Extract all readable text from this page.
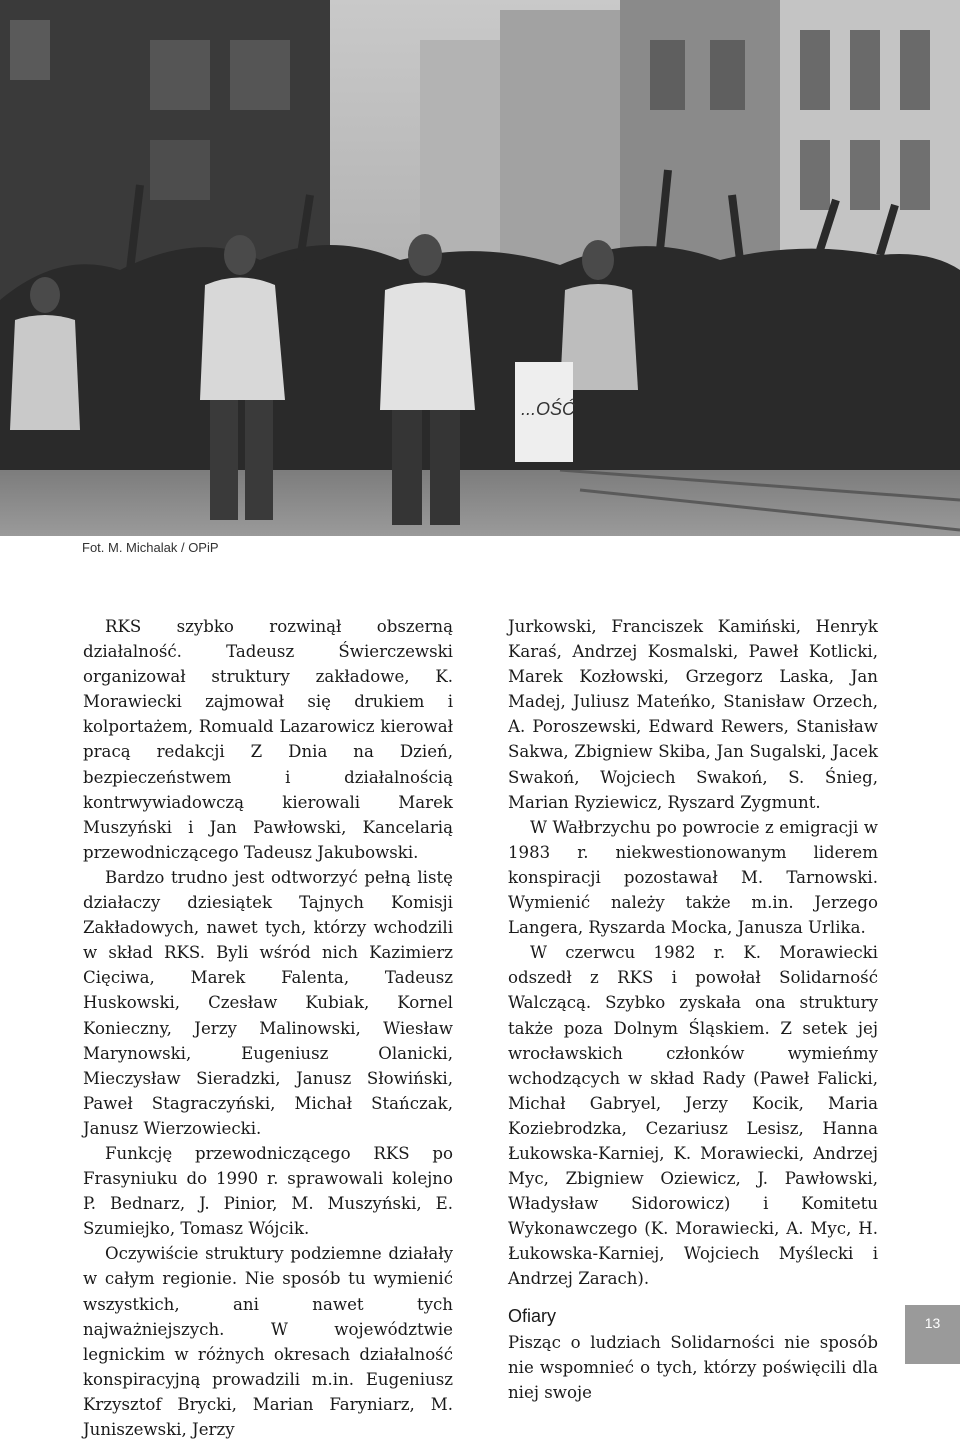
...OŚĆ
Fot. M. Michalak / OPiP

RKS szybko rozwinął obszerną działalność. Tadeusz Świerczewski organizował struktury zakładowe, K. Morawiecki zajmował się drukiem i kolportażem, Romuald Lazarowicz kierował pracą redakcji Z Dnia na Dzień, bezpieczeństwem i działalnością kontrwywiadowczą kierowali Marek Muszyński i Jan Pawłowski, Kancelarią przewodniczącego Tadeusz Jakubowski.

Bardzo trudno jest odtworzyć pełną listę działaczy dziesiątek Tajnych Komisji Zakładowych, nawet tych, którzy wchodzili w skład RKS. Byli wśród nich Kazimierz Cięciwa, Marek Falenta, Tadeusz Huskowski, Czesław Kubiak, Kornel Konieczny, Jerzy Malinowski, Wiesław Marynowski, Eugeniusz Olanicki, Mieczysław Sieradzki, Janusz Słowiński, Paweł Stagraczyński, Michał Stańczak, Janusz Wierzowiecki.

Funkcję przewodniczącego RKS po Frasyniuku do 1990 r. sprawowali kolejno P. Bednarz, J. Pinior, M. Muszyński, E. Szumiejko, Tomasz Wójcik.

Oczywiście struktury podziemne działały w całym regionie. Nie sposób tu wymienić wszystkich, ani nawet tych najważniejszych. W województwie legnickim w różnych okresach działalność konspiracyjną prowadzili m.in. Eugeniusz Krzysztof Brycki, Marian Faryniarz, M. Juniszewski, Jerzy

Jurkowski, Franciszek Kamiński, Henryk Karaś, Andrzej Kosmalski, Paweł Kotlicki, Marek Kozłowski, Grzegorz Laska, Jan Madej, Juliusz Mateńko, Stanisław Orzech, A. Poroszewski, Edward Rewers, Stanisław Sakwa, Zbigniew Skiba, Jan Sugalski, Jacek Swakoń, Wojciech Swakoń, S. Śnieg, Marian Ryziewicz, Ryszard Zygmunt.

W Wałbrzychu po powrocie z emigracji w 1983 r. niekwestionowanym liderem konspiracji pozostawał M. Tarnowski. Wymienić należy także m.in. Jerzego Langera, Ryszarda Mocka, Janusza Urlika.

W czerwcu 1982 r. K. Morawiecki odszedł z RKS i powołał Solidarność Walczącą. Szybko zyskała ona struktury także poza Dolnym Śląskiem. Z setek jej wrocławskich członków wymieńmy wchodzących w skład Rady (Paweł Falicki, Michał Gabryel, Jerzy Kocik, Maria Koziebrodzka, Cezariusz Lesisz, Hanna Łukowska-Karniej, K. Morawiecki, Andrzej Myc, Zbigniew Oziewicz, J. Pawłowski, Władysław Sidorowicz) i Komitetu Wykonawczego (K. Morawiecki, A. Myc, H. Łukowska-Karniej, Wojciech Myślecki i Andrzej Zarach).

Ofiary

Pisząc o ludziach Solidarności nie sposób nie wspomnieć o tych, którzy poświęcili dla niej swoje

13
